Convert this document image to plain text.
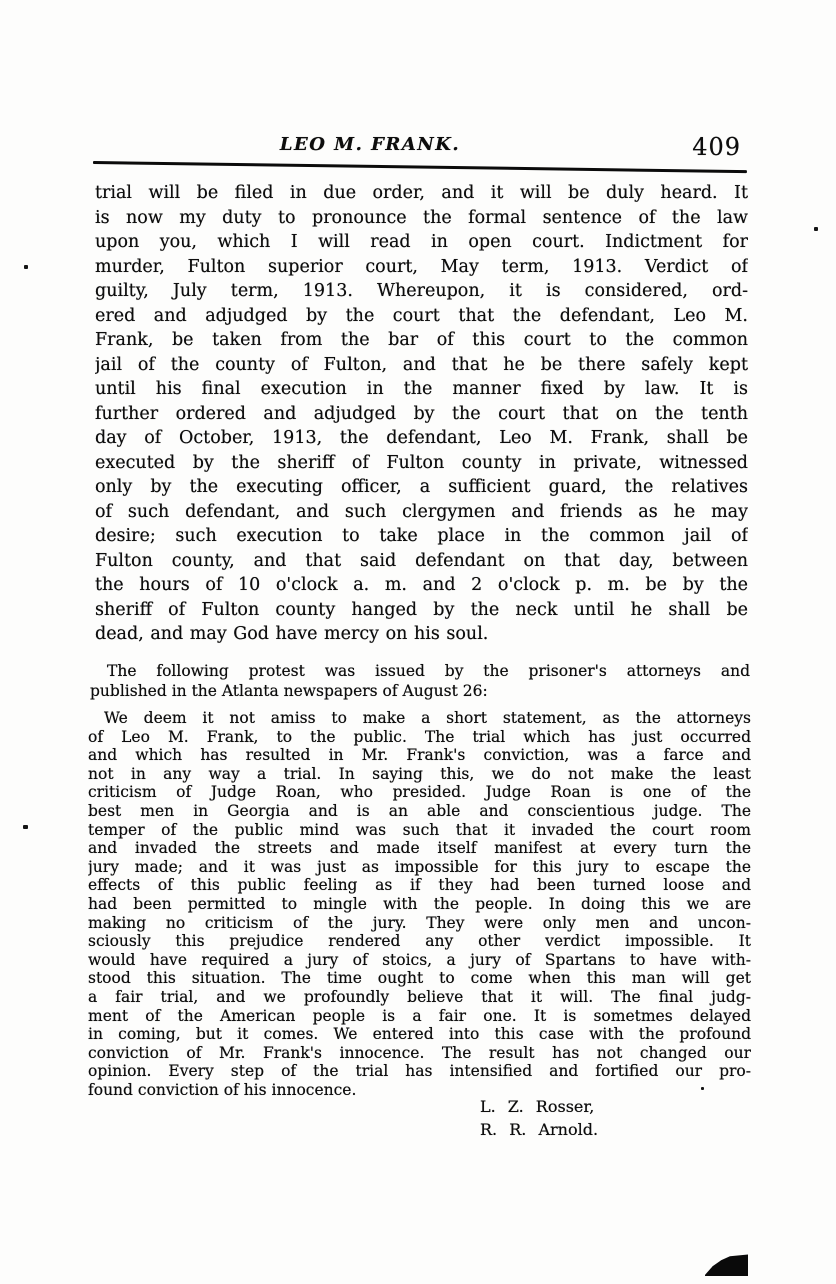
LEO M. FRANK.	409
trial will be filed in due order, and it will be duly heard. It
is now my duty to pronounce the formal sentence of the law
upon you, which I will read in open court. Indictment for
murder, Fulton superior court, May term, 1913. Verdict of
guilty, July term, 1913. Whereupon, it is considered, ord-
ered and adjudged by the court that the defendant, Leo M.
Frank, be taken from the bar of this court to the common
jail of the county of Fulton, and that he be there safely kept
until his final execution in the manner fixed by law. It is
further ordered and adjudged by the court that on the tenth
day of October, 1913, the defendant, Leo M. Frank, shall be
executed by the sheriff of Fulton county in private, witnessed
only by the executing officer, a sufficient guard, the relatives
of such defendant, and such clergymen and friends as he may
desire; such execution to take place in the common jail of
Fulton county, and that said defendant on that day, between
the hours of 10 o'clock a. m. and 2 o'clock p. m. be by the
sheriff of Fulton county hanged by the neck until he shall be
dead, and may God have mercy on his soul.
The following protest was issued by the prisoner's attorneys and
published in the Atlanta newspapers of August 26:
We deem it not amiss to make a short statement, as the attorneys
of Leo M. Frank, to the public. The trial which has just occurred
and which has resulted in Mr. Frank's conviction, was a farce and
not in any way a trial. In saying this, we do not make the least
criticism of Judge Roan, who presided. Judge Roan is one of the
best men in Georgia and is an able and conscientious judge. The
temper of the public mind was such that it invaded the court room
and invaded the streets and made itself manifest at every turn the
jury made; and it was just as impossible for this jury to escape the
effects of this public feeling as if they had been turned loose and
had been permitted to mingle with the people. In doing this we are
making no criticism of the jury. They were only men and uncon-
sciously this prejudice rendered any other verdict impossible. It
would have required a jury of stoics, a jury of Spartans to have with-
stood this situation. The time ought to come when this man will get
a fair trial, and we profoundly believe that it will. The final judg-
ment of the American people is a fair one. It is sometmes delayed
in coming, but it comes. We entered into this case with the profound
conviction of Mr. Frank's innocence. The result has not changed our
opinion. Every step of the trial has intensified and fortified our pro-
found conviction of his innocence.
L. Z. Rosser,
R. R. Arnold.
